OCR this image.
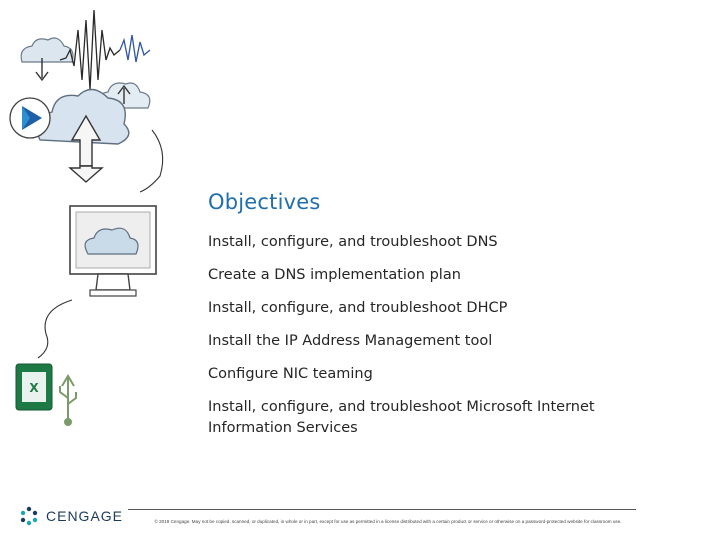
X
Objectives
Install, configure, and troubleshoot DNS
Create a DNS implementation plan
Install, configure, and troubleshoot DHCP
Install the IP Address Management tool
Configure NIC teaming
Install, configure, and troubleshoot Microsoft Internet Information Services
CENGAGE	© 2019 Cengage. May not be copied, scanned, or duplicated, in whole or in part, except for use as permitted in a license distributed with a certain product or service or otherwise on a password-protected website for classroom use.
